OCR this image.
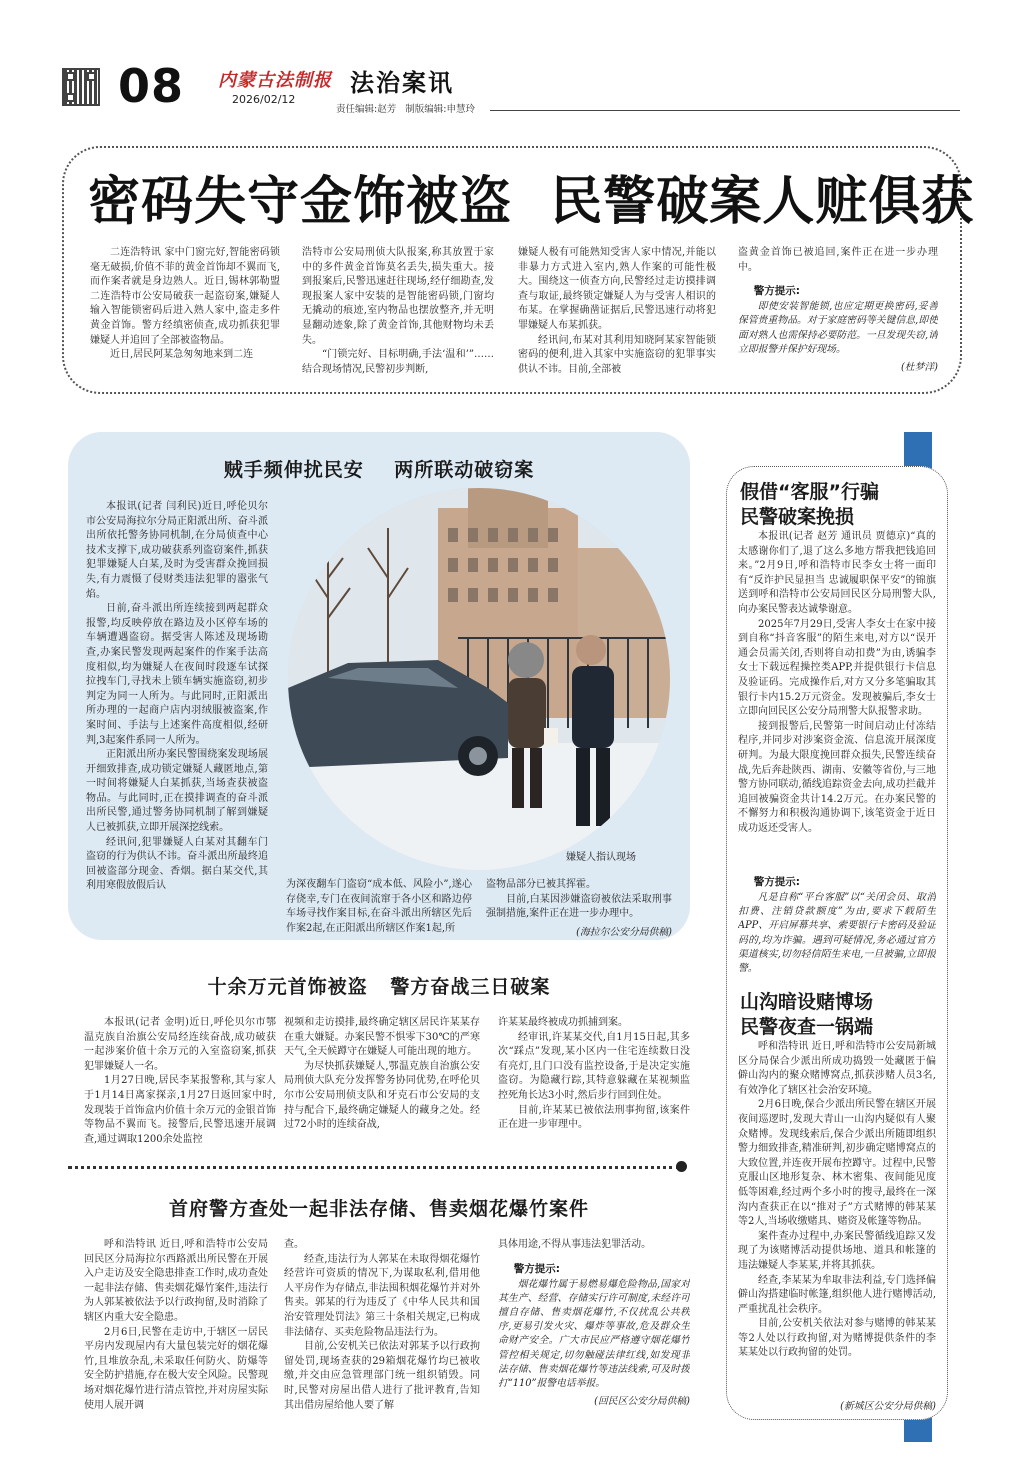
08 内蒙古法制报
2026/02/12
法治案讯
责任编辑:赵芳   制版编辑:申慧玲
密码失守金饰被盗  民警破案人赃俱获

二连浩特讯 家中门窗完好,智能密码锁毫无破损,价值不菲的黄金首饰却不翼而飞,而作案者就是身边熟人。近日,锡林郭勒盟二连浩特市公安局破获一起盗窃案,嫌疑人输入智能锁密码后进入熟人家中,盗走多件黄金首饰。警方经缜密侦查,成功抓获犯罪嫌疑人并追回了全部被盗物品。

近日,居民阿某急匆匆地来到二连

浩特市公安局刑侦大队报案,称其放置于家中的多件黄金首饰莫名丢失,损失重大。接到报案后,民警迅速赶往现场,经仔细勘查,发现报案人家中安装的是智能密码锁,门窗均无撬动的痕迹,室内物品也摆放整齐,并无明显翻动迹象,除了黄金首饰,其他财物均未丢失。

“门锁完好、目标明确,手法‘温和’”……结合现场情况,民警初步判断,

嫌疑人极有可能熟知受害人家中情况,并能以非暴力方式进入室内,熟人作案的可能性极大。围绕这一侦查方向,民警经过走访摸排调查与取证,最终锁定嫌疑人为与受害人相识的布某。在掌握确凿证据后,民警迅速行动将犯罪嫌疑人布某抓获。

经讯问,布某对其利用知晓阿某家智能锁密码的便利,进入其家中实施盗窃的犯罪事实供认不讳。目前,全部被

盗黄金首饰已被追回,案件正在进一步办理中。

警方提示:

即使安装智能锁,也应定期更换密码,妥善保管贵重物品。对于家庭密码等关键信息,即使面对熟人也需保持必要防范。一旦发现失窃,请立即报警并保护好现场。

(杜梦洋)

贼手频伸扰民安    两所联动破窃案

本报讯(记者 闫利民)近日,呼伦贝尔市公安局海拉尔分局正阳派出所、奋斗派出所依托警务协同机制,在分局侦查中心技术支撑下,成功破获系列盗窃案件,抓获犯罪嫌疑人白某,及时为受害群众挽回损失,有力震慑了侵财类违法犯罪的嚣张气焰。

日前,奋斗派出所连续接到两起群众报警,均反映停放在路边及小区停车场的车辆遭遇盗窃。据受害人陈述及现场勘查,办案民警发现两起案件的作案手法高度相似,均为嫌疑人在夜间时段逐车试探拉拽车门,寻找未上锁车辆实施盗窃,初步判定为同一人所为。与此同时,正阳派出所办理的一起商户店内羽绒服被盗案,作案时间、手法与上述案件高度相似,经研判,3起案件系同一人所为。

正阳派出所办案民警围绕案发现场展开细致排查,成功锁定嫌疑人藏匿地点,第一时间将嫌疑人白某抓获,当场查获被盗物品。与此同时,正在摸排调查的奋斗派出所民警,通过警务协同机制了解到嫌疑人已被抓获,立即开展深挖线索。

经讯问,犯罪嫌疑人白某对其翻车门盗窃的行为供认不讳。奋斗派出所最终追回被盗部分现金、香烟。据白某交代,其利用寒假放假后认

嫌疑人指认现场

为深夜翻车门盗窃“成本低、风险小”,遂心存侥幸,专门在夜间流窜于各小区和路边停车场寻找作案目标,在奋斗派出所辖区先后作案2起,在正阳派出所辖区作案1起,所

盗物品部分已被其挥霍。

目前,白某因涉嫌盗窃被依法采取刑事强制措施,案件正在进一步办理中。

(海拉尔公安分局供稿)
十余万元首饰被盗   警方奋战三日破案

本报讯(记者 金明)近日,呼伦贝尔市鄂温克族自治旗公安局经连续奋战,成功破获一起涉案价值十余万元的入室盗窃案,抓获犯罪嫌疑人一名。

1月27日晚,居民李某报警称,其与家人于1月14日离家探亲,1月27日返回家中时,发现装于首饰盒内价值十余万元的金银首饰等物品不翼而飞。接警后,民警迅速开展调查,通过调取1200余处监控

视频和走访摸排,最终确定辖区居民许某某存在重大嫌疑。办案民警不惧零下30℃的严寒天气,全天候蹲守在嫌疑人可能出现的地方。

为尽快抓获嫌疑人,鄂温克族自治旗公安局刑侦大队充分发挥警务协同优势,在呼伦贝尔市公安局刑侦支队和牙克石市公安局的支持与配合下,最终确定嫌疑人的藏身之处。经过72小时的连续奋战,

许某某最终被成功抓捕到案。

经审讯,许某某交代,自1月15日起,其多次“踩点”发现,某小区内一住宅连续数日没有亮灯,且门口没有监控设备,于是决定实施盗窃。为隐藏行踪,其特意躲藏在某视频监控死角长达3小时,然后步行回到住处。

目前,许某某已被依法刑事拘留,该案件正在进一步审理中。

首府警方查处一起非法存储、售卖烟花爆竹案件

呼和浩特讯 近日,呼和浩特市公安局回民区分局海拉尔西路派出所民警在开展入户走访及安全隐患排查工作时,成功查处一起非法存储、售卖烟花爆竹案件,违法行为人郭某被依法予以行政拘留,及时消除了辖区内重大安全隐患。

2月6日,民警在走访中,于辖区一居民平房内发现屋内有大量包装完好的烟花爆竹,且堆放杂乱,未采取任何防火、防爆等安全防护措施,存在极大安全风险。民警现场对烟花爆竹进行清点管控,并对房屋实际使用人展开调

查。

经查,违法行为人郭某在未取得烟花爆竹经营许可资质的情况下,为谋取私利,借用他人平房作为存储点,非法囤积烟花爆竹并对外售卖。郭某的行为违反了《中华人民共和国治安管理处罚法》第三十条相关规定,已构成非法储存、买卖危险物品违法行为。

目前,公安机关已依法对郭某予以行政拘留处罚,现场查获的29箱烟花爆竹均已被收缴,并交由应急管理部门统一组织销毁。同时,民警对房屋出借人进行了批评教育,告知其出借房屋给他人要了解

具体用途,不得从事违法犯罪活动。

警方提示:

烟花爆竹属于易燃易爆危险物品,国家对其生产、经营、存储实行许可制度,未经许可擅自存储、售卖烟花爆竹,不仅扰乱公共秩序,更易引发火灾、爆炸等事故,危及群众生命财产安全。广大市民应严格遵守烟花爆竹管控相关规定,切勿触碰法律红线,如发现非法存储、售卖烟花爆竹等违法线索,可及时拨打“110”报警电话举报。

(回民区公安分局供稿)

假借“客服”行骗
民警破案挽损

本报讯(记者 赵芳 通讯员 贾德京)“真的太感谢你们了,退了这么多地方帮我把钱追回来。”2月9日,呼和浩特市民李女士将一面印有“反诈护民显担当 忠诚履职保平安”的锦旗送到呼和浩特市公安局回民区分局刑警大队,向办案民警表达诚挚谢意。

2025年7月29日,受害人李女士在家中接到自称“抖音客服”的陌生来电,对方以“误开通会员需关闭,否则将自动扣费”为由,诱骗李女士下载远程操控类APP,并提供银行卡信息及验证码。完成操作后,对方又分多笔骗取其银行卡内15.2万元资金。发现被骗后,李女士立即向回民区公安分局刑警大队报警求助。

接到报警后,民警第一时间启动止付冻结程序,并同步对涉案资金流、信息流开展深度研判。为最大限度挽回群众损失,民警连续奋战,先后奔赴陕西、湖南、安徽等省份,与三地警方协同联动,循线追踪资金去向,成功拦截并追回被骗资金共计14.2万元。在办案民警的不懈努力和积极沟通协调下,该笔资金于近日成功返还受害人。

警方提示:

凡是自称“平台客服”以“关闭会员、取消扣费、注销贷款额度”为由,要求下载陌生APP、开启屏幕共享、索要银行卡密码及验证码的,均为诈骗。遇到可疑情况,务必通过官方渠道核实,切勿轻信陌生来电,一旦被骗,立即报警。

山沟暗设赌博场
民警夜查一锅端

呼和浩特讯 近日,呼和浩特市公安局新城区分局保合少派出所成功捣毁一处藏匿于偏僻山沟内的聚众赌博窝点,抓获涉赌人员3名,有效净化了辖区社会治安环境。

2月6日晚,保合少派出所民警在辖区开展夜间巡逻时,发现大青山一山沟内疑似有人聚众赌博。发现线索后,保合少派出所随即组织警力细致排查,精准研判,初步确定赌博窝点的大致位置,并连夜开展布控蹲守。过程中,民警克服山区地形复杂、林木密集、夜间能见度低等困难,经过两个多小时的搜寻,最终在一深沟内查获正在以“推对子”方式赌博的韩某某等2人,当场收缴赌具、赌资及帐篷等物品。

案件查办过程中,办案民警循线追踪又发现了为该赌博活动提供场地、道具和帐篷的违法嫌疑人李某某,并将其抓获。

经查,李某某为牟取非法利益,专门选择偏僻山沟搭建临时帐篷,组织他人进行赌博活动,严重扰乱社会秩序。

目前,公安机关依法对参与赌博的韩某某等2人处以行政拘留,对为赌博提供条件的李某某处以行政拘留的处罚。

(新城区公安分局供稿)
